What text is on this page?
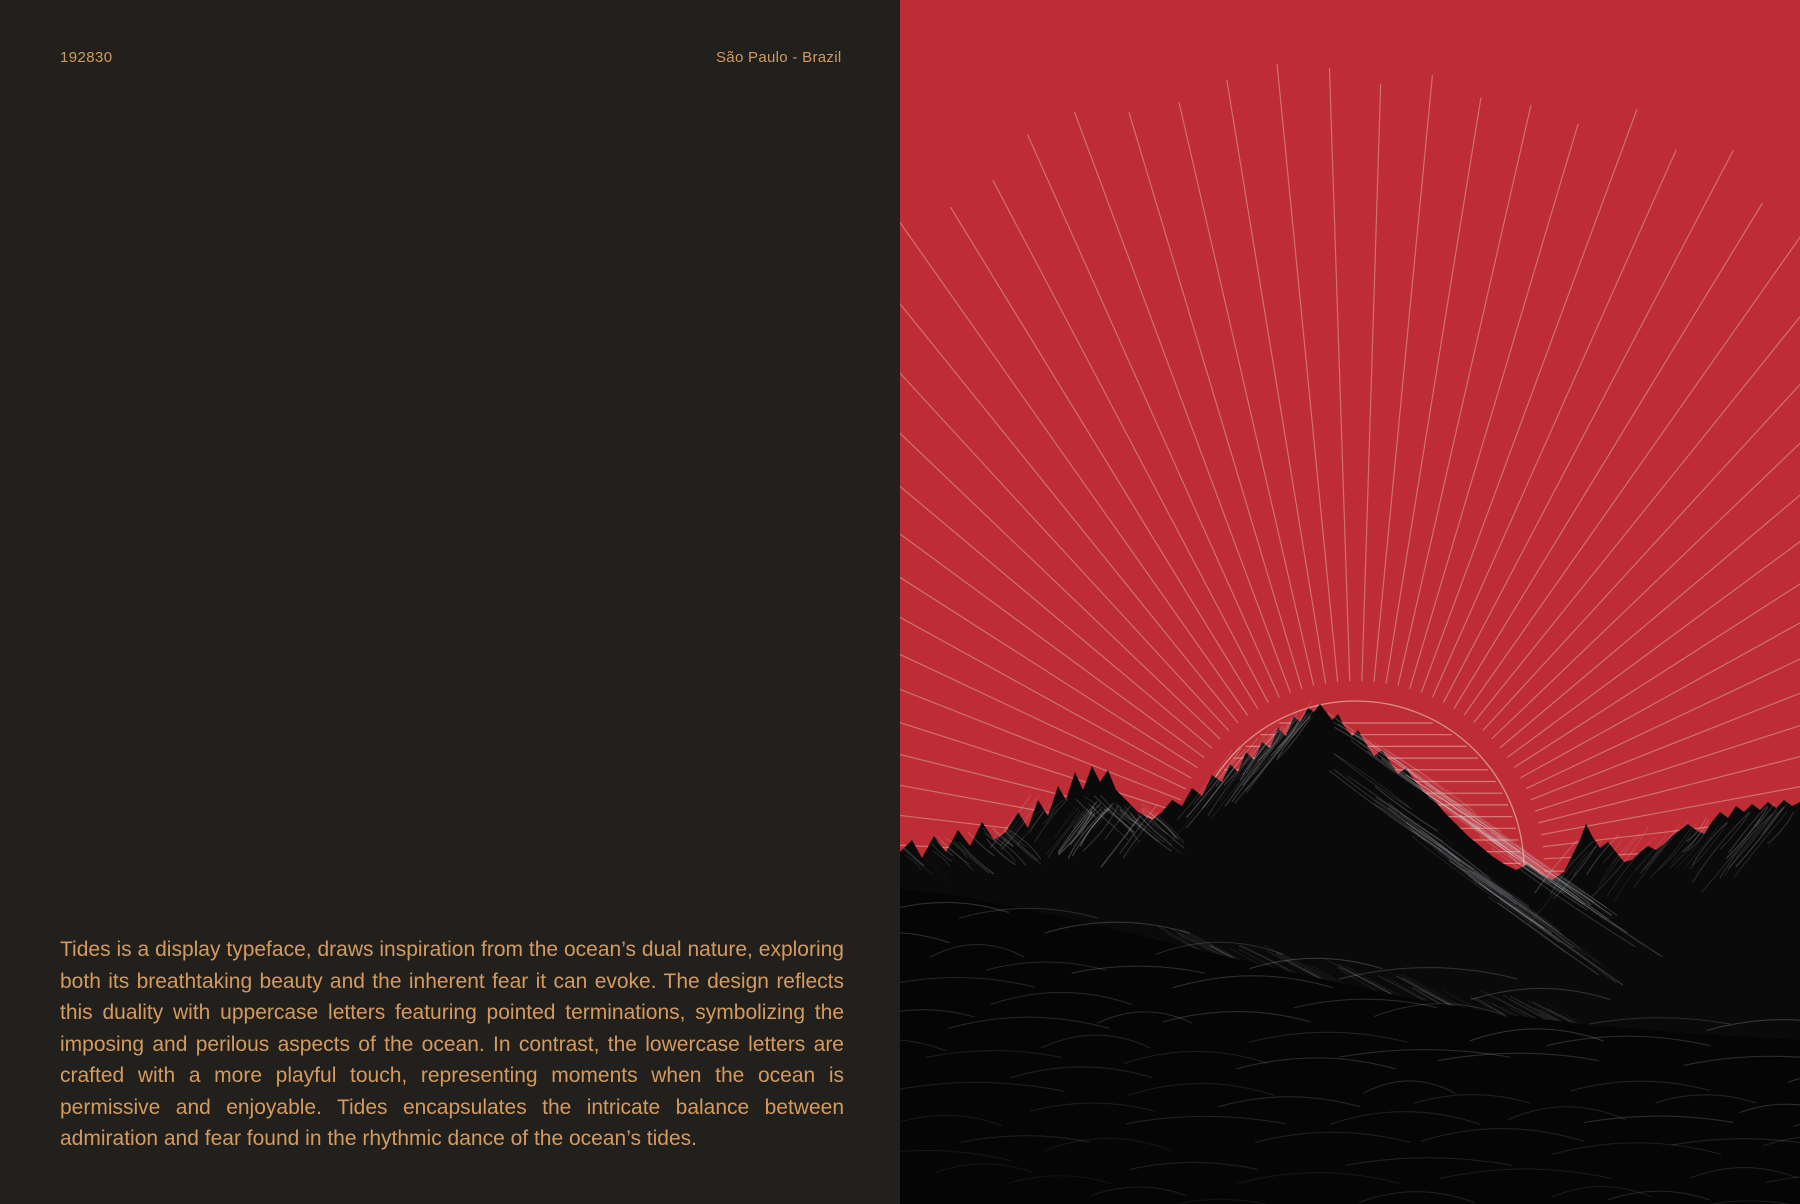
192830	São Paulo - Brazil

Tides is a display typeface, draws inspiration from the ocean’s dual nature, exploring both its breathtaking beauty and the inherent fear it can evoke. The design reflects this duality with uppercase letters featuring pointed terminations, symbolizing the imposing and perilous aspects of the ocean. In contrast, the lowercase letters are crafted with a more playful touch, representing moments when the ocean is permissive and enjoyable. Tides encapsulates the intricate balance between admiration and fear found in the rhythmic dance of the ocean’s tides.
